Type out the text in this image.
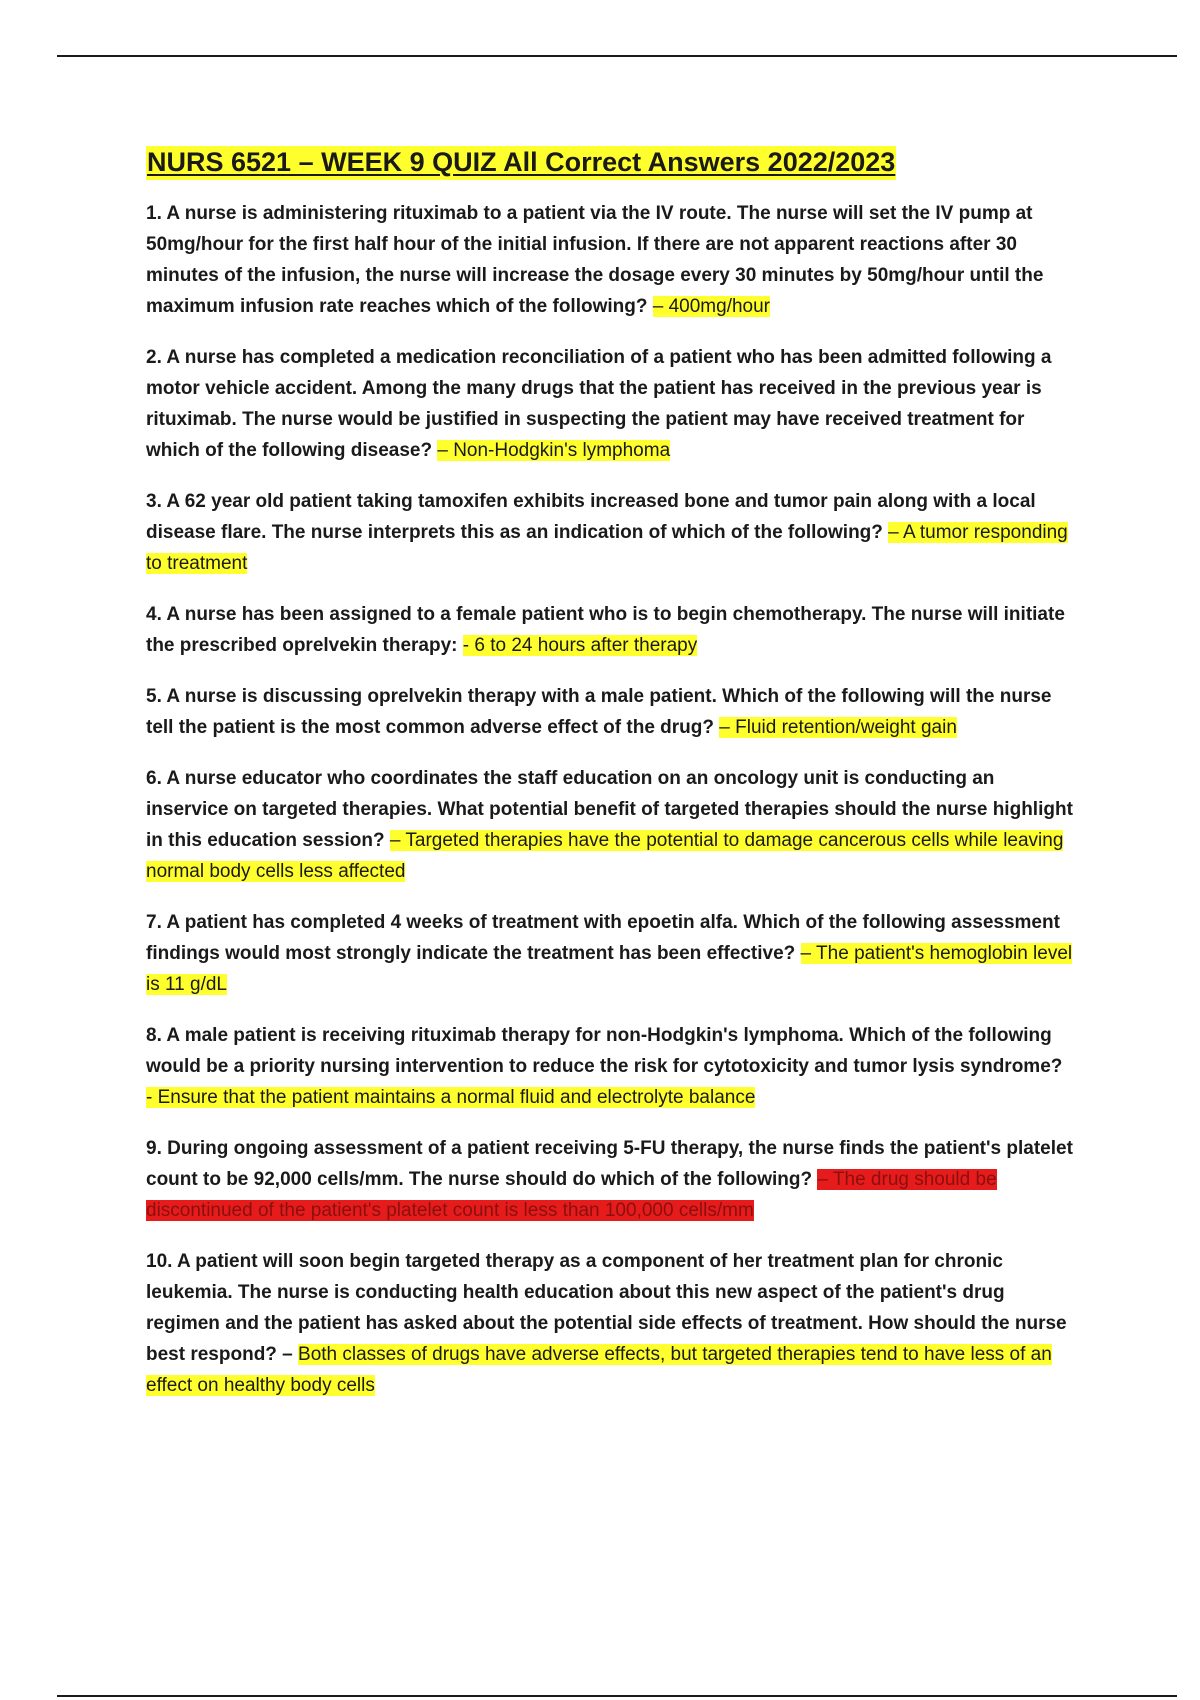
NURS 6521 – WEEK 9 QUIZ All Correct Answers 2022/2023

1. A nurse is administering rituximab to a patient via the IV route. The nurse will set the IV pump at 50mg/hour for the first half hour of the initial infusion. If there are not apparent reactions after 30 minutes of the infusion, the nurse will increase the dosage every 30 minutes by 50mg/hour until the maximum infusion rate reaches which of the following? – 400mg/hour

2. A nurse has completed a medication reconciliation of a patient who has been admitted following a motor vehicle accident. Among the many drugs that the patient has received in the previous year is rituximab. The nurse would be justified in suspecting the patient may have received treatment for which of the following disease? – Non-Hodgkin's lymphoma

3. A 62 year old patient taking tamoxifen exhibits increased bone and tumor pain along with a local disease flare. The nurse interprets this as an indication of which of the following? – A tumor responding to treatment

4. A nurse has been assigned to a female patient who is to begin chemotherapy. The nurse will initiate the prescribed oprelvekin therapy: - 6 to 24 hours after therapy

5. A nurse is discussing oprelvekin therapy with a male patient. Which of the following will the nurse tell the patient is the most common adverse effect of the drug? – Fluid retention/weight gain

6. A nurse educator who coordinates the staff education on an oncology unit is conducting an inservice on targeted therapies. What potential benefit of targeted therapies should the nurse highlight in this education session? – Targeted therapies have the potential to damage cancerous cells while leaving normal body cells less affected

7. A patient has completed 4 weeks of treatment with epoetin alfa. Which of the following assessment findings would most strongly indicate the treatment has been effective? – The patient's hemoglobin level is 11 g/dL

8. A male patient is receiving rituximab therapy for non-Hodgkin's lymphoma. Which of the following would be a priority nursing intervention to reduce the risk for cytotoxicity and tumor lysis syndrome?
- Ensure that the patient maintains a normal fluid and electrolyte balance

9. During ongoing assessment of a patient receiving 5-FU therapy, the nurse finds the patient's platelet count to be 92,000 cells/mm. The nurse should do which of the following? – The drug should be discontinued of the patient's platelet count is less than 100,000 cells/mm

10. A patient will soon begin targeted therapy as a component of her treatment plan for chronic leukemia. The nurse is conducting health education about this new aspect of the patient's drug regimen and the patient has asked about the potential side effects of treatment. How should the nurse best respond? – Both classes of drugs have adverse effects, but targeted therapies tend to have less of an effect on healthy body cells
